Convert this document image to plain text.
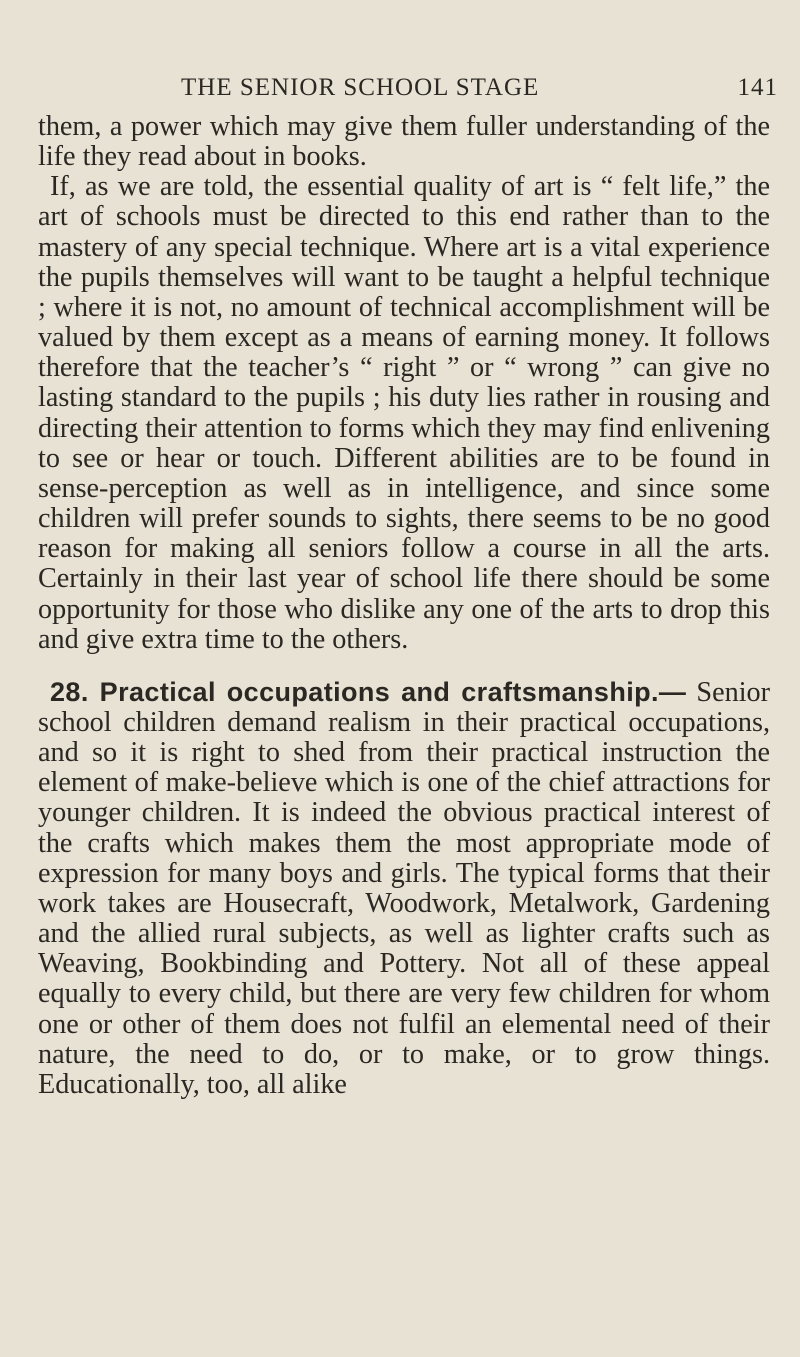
THE SENIOR SCHOOL STAGE	141

them, a power which may give them fuller understanding of the life they read about in books.

If, as we are told, the essential quality of art is “ felt life,” the art of schools must be directed to this end rather than to the mastery of any special technique. Where art is a vital experience the pupils themselves will want to be taught a helpful technique ; where it is not, no amount of technical accomplishment will be valued by them except as a means of earning money. It follows therefore that the teacher’s “ right ” or “ wrong ” can give no lasting standard to the pupils ; his duty lies rather in rousing and directing their attention to forms which they may find enlivening to see or hear or touch. Different abilities are to be found in sense-perception as well as in intelligence, and since some children will prefer sounds to sights, there seems to be no good reason for making all seniors follow a course in all the arts. Certainly in their last year of school life there should be some opportunity for those who dislike any one of the arts to drop this and give extra time to the others.

28. Practical occupations and craftsmanship.— Senior school children demand realism in their practical occupations, and so it is right to shed from their practical instruction the element of make-believe which is one of the chief attractions for younger children. It is indeed the obvious practical interest of the crafts which makes them the most appropriate mode of expression for many boys and girls. The typical forms that their work takes are Housecraft, Woodwork, Metalwork, Gardening and the allied rural subjects, as well as lighter crafts such as Weaving, Bookbinding and Pottery. Not all of these appeal equally to every child, but there are very few children for whom one or other of them does not fulfil an elemental need of their nature, the need to do, or to make, or to grow things. Educationally, too, all alike
